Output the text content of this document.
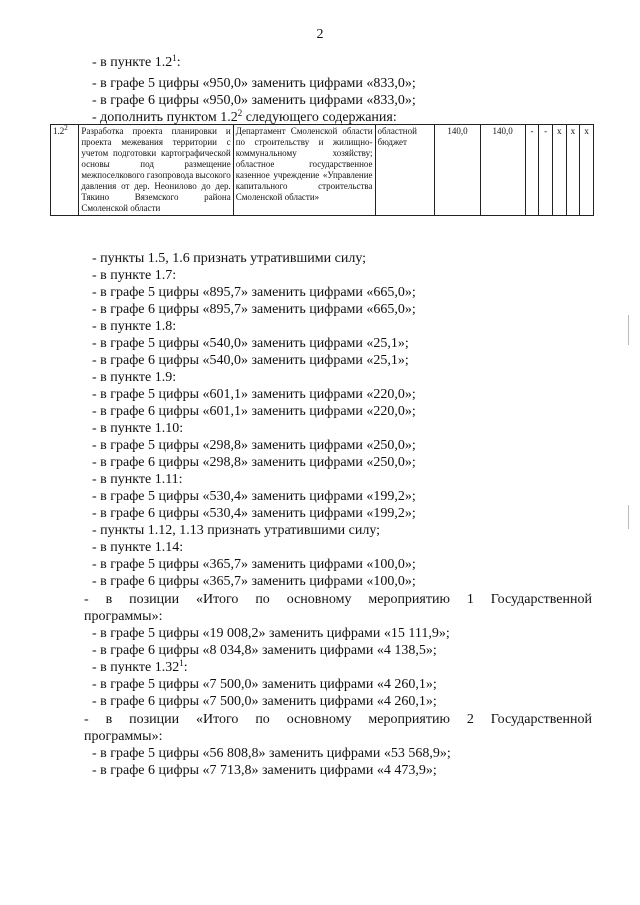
2
- в пункте $1.2^1$:
- в графе 5 цифры «950,0» заменить цифрами «833,0»;
- в графе 6 цифры «950,0» заменить цифрами «833,0»;
- дополнить пунктом $1.2^2$ следующего содержания:
$1.2^2$	Разработка проекта планировки и проекта межевания территории с учетом подготовки картографической основы под размещение межпоселкового газопровода высокого давления от дер. Неонилово до дер. Тякино Вяземского района Смоленской области	Департамент Смоленской области по строительству и жилищно-коммунальному хозяйству; областное государственное казенное учреждение «Управление капитального строительства Смоленской области»	областной бюджет	140,0	140,0	-	-	х	х	х
- пункты 1.5, 1.6 признать утратившими силу;
- в пункте 1.7:
- в графе 5 цифры «895,7» заменить цифрами «665,0»;
- в графе 6 цифры «895,7» заменить цифрами «665,0»;
- в пункте 1.8:
- в графе 5 цифры «540,0» заменить цифрами «25,1»;
- в графе 6 цифры «540,0» заменить цифрами «25,1»;
- в пункте 1.9:
- в графе 5 цифры «601,1» заменить цифрами «220,0»;
- в графе 6 цифры «601,1» заменить цифрами «220,0»;
- в пункте 1.10:
- в графе 5 цифры «298,8» заменить цифрами «250,0»;
- в графе 6 цифры «298,8» заменить цифрами «250,0»;
- в пункте 1.11:
- в графе 5 цифры «530,4» заменить цифрами «199,2»;
- в графе 6 цифры «530,4» заменить цифрами «199,2»;
- пункты 1.12, 1.13 признать утратившими силу;
- в пункте 1.14:
- в графе 5 цифры «365,7» заменить цифрами «100,0»;
- в графе 6 цифры «365,7» заменить цифрами «100,0»;
- в позиции «Итого по основному мероприятию 1 Государственной
программы»:
- в графе 5 цифры «19 008,2» заменить цифрами «15 111,9»;
- в графе 6 цифры «8 034,8» заменить цифрами «4 138,5»;
- в пункте 1.32$^1$:
- в графе 5 цифры «7 500,0» заменить цифрами «4 260,1»;
- в графе 6 цифры «7 500,0» заменить цифрами «4 260,1»;
- в позиции «Итого по основному мероприятию 2 Государственной
программы»:
- в графе 5 цифры «56 808,8» заменить цифрами «53 568,9»;
- в графе 6 цифры «7 713,8» заменить цифрами «4 473,9»;
